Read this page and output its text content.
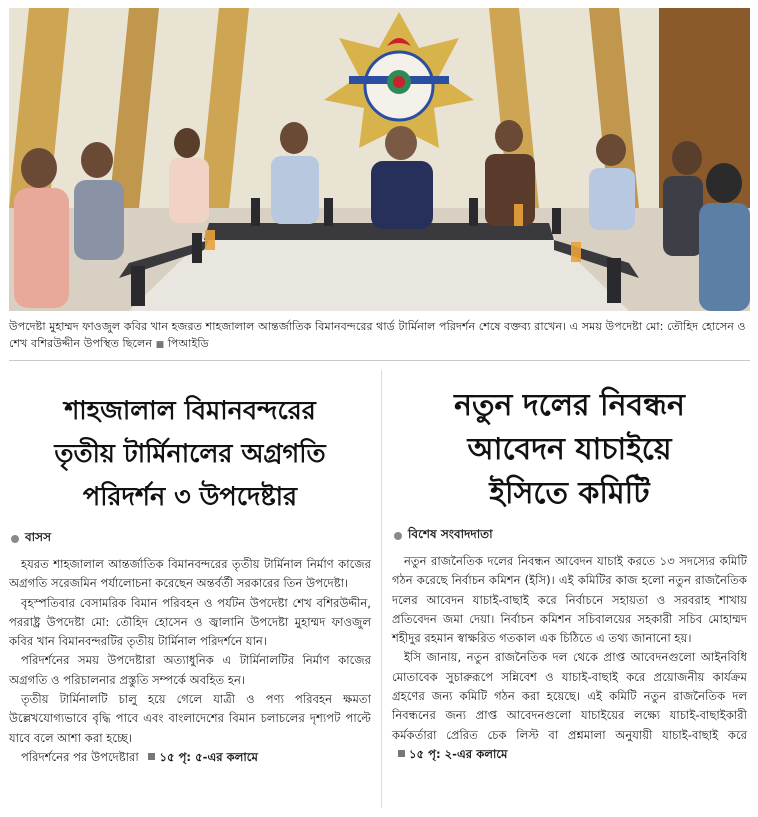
উপদেষ্টা মুহাম্মদ ফাওজুল কবির খান হজরত শাহজালাল আন্তর্জাতিক বিমানবন্দরের থার্ড টার্মিনাল পরিদর্শন শেষে বক্তব্য রাখেন। এ সময় উপদেষ্টা মো: তৌহিদ হোসেন ও শেখ বশিরউদ্দীন উপস্থিত ছিলেন ■ পিআইডি
শাহজালাল বিমানবন্দরের
তৃতীয় টার্মিনালের অগ্রগতি
পরিদর্শন ৩ উপদেষ্টার
বাসস

হযরত শাহজালাল আন্তর্জাতিক বিমানবন্দরের তৃতীয় টার্মিনাল নির্মাণ কাজের অগ্রগতি সরেজমিন পর্যালোচনা করেছেন অন্তর্বর্তী সরকারের তিন উপদেষ্টা।

বৃহস্পতিবার বেসামরিক বিমান পরিবহন ও পর্যটন উপদেষ্টা শেখ বশিরউদ্দীন, পররাষ্ট্র উপদেষ্টা মো: তৌহিদ হোসেন ও জ্বালানি উপদেষ্টা মুহাম্মদ ফাওজুল কবির খান বিমানবন্দরটির তৃতীয় টার্মিনাল পরিদর্শনে যান।

পরিদর্শনের সময় উপদেষ্টারা অত্যাধুনিক এ টার্মিনালটির নির্মাণ কাজের অগ্রগতি ও পরিচালনার প্রস্তুতি সম্পর্কে অবহিত হন।

তৃতীয় টার্মিনালটি চালু হয়ে গেলে যাত্রী ও পণ্য পরিবহন ক্ষমতা উল্লেখযোগ্যভাবে বৃদ্ধি পাবে এবং বাংলাদেশের বিমান চলাচলের দৃশ্যপট পাল্টে যাবে বলে আশা করা হচ্ছে।

পরিদর্শনের পর উপদেষ্টারা ১৫ পৃ: ৫-এর কলামে

নতুন দলের নিবন্ধন
আবেদন যাচাইয়ে
ইসিতে কমিটি
বিশেষ সংবাদদাতা

নতুন রাজনৈতিক দলের নিবন্ধন আবেদন যাচাই করতে ১৩ সদস্যের কমিটি গঠন করেছে নির্বাচন কমিশন (ইসি)। এই কমিটির কাজ হলো নতুন রাজনৈতিক দলের আবেদন যাচাই-বাছাই করে নির্বাচনে সহায়তা ও সরবরাহ শাখায় প্রতিবেদন জমা দেয়া। নির্বাচন কমিশন সচিবালয়ের সহকারী সচিব মোহাম্মদ শহীদুর রহমান স্বাক্ষরিত গতকাল এক চিঠিতে এ তথ্য জানানো হয়।

ইসি জানায়, নতুন রাজনৈতিক দল থেকে প্রাপ্ত আবেদনগুলো আইনবিধি মোতাবেক সুচারুরূপে সন্নিবেশ ও যাচাই-বাছাই করে প্রয়োজনীয় কার্যক্রম গ্রহণের জন্য কমিটি গঠন করা হয়েছে। এই কমিটি নতুন রাজনৈতিক দল নিবন্ধনের জন্য প্রাপ্ত আবেদনগুলো যাচাইয়ের লক্ষ্যে যাচাই-বাছাইকারী কর্মকর্তারা প্রেরিত চেক লিস্ট বা প্রশ্নমালা অনুযায়ী যাচাই-বাছাই করে ১৫ পৃ: ২-এর কলামে
